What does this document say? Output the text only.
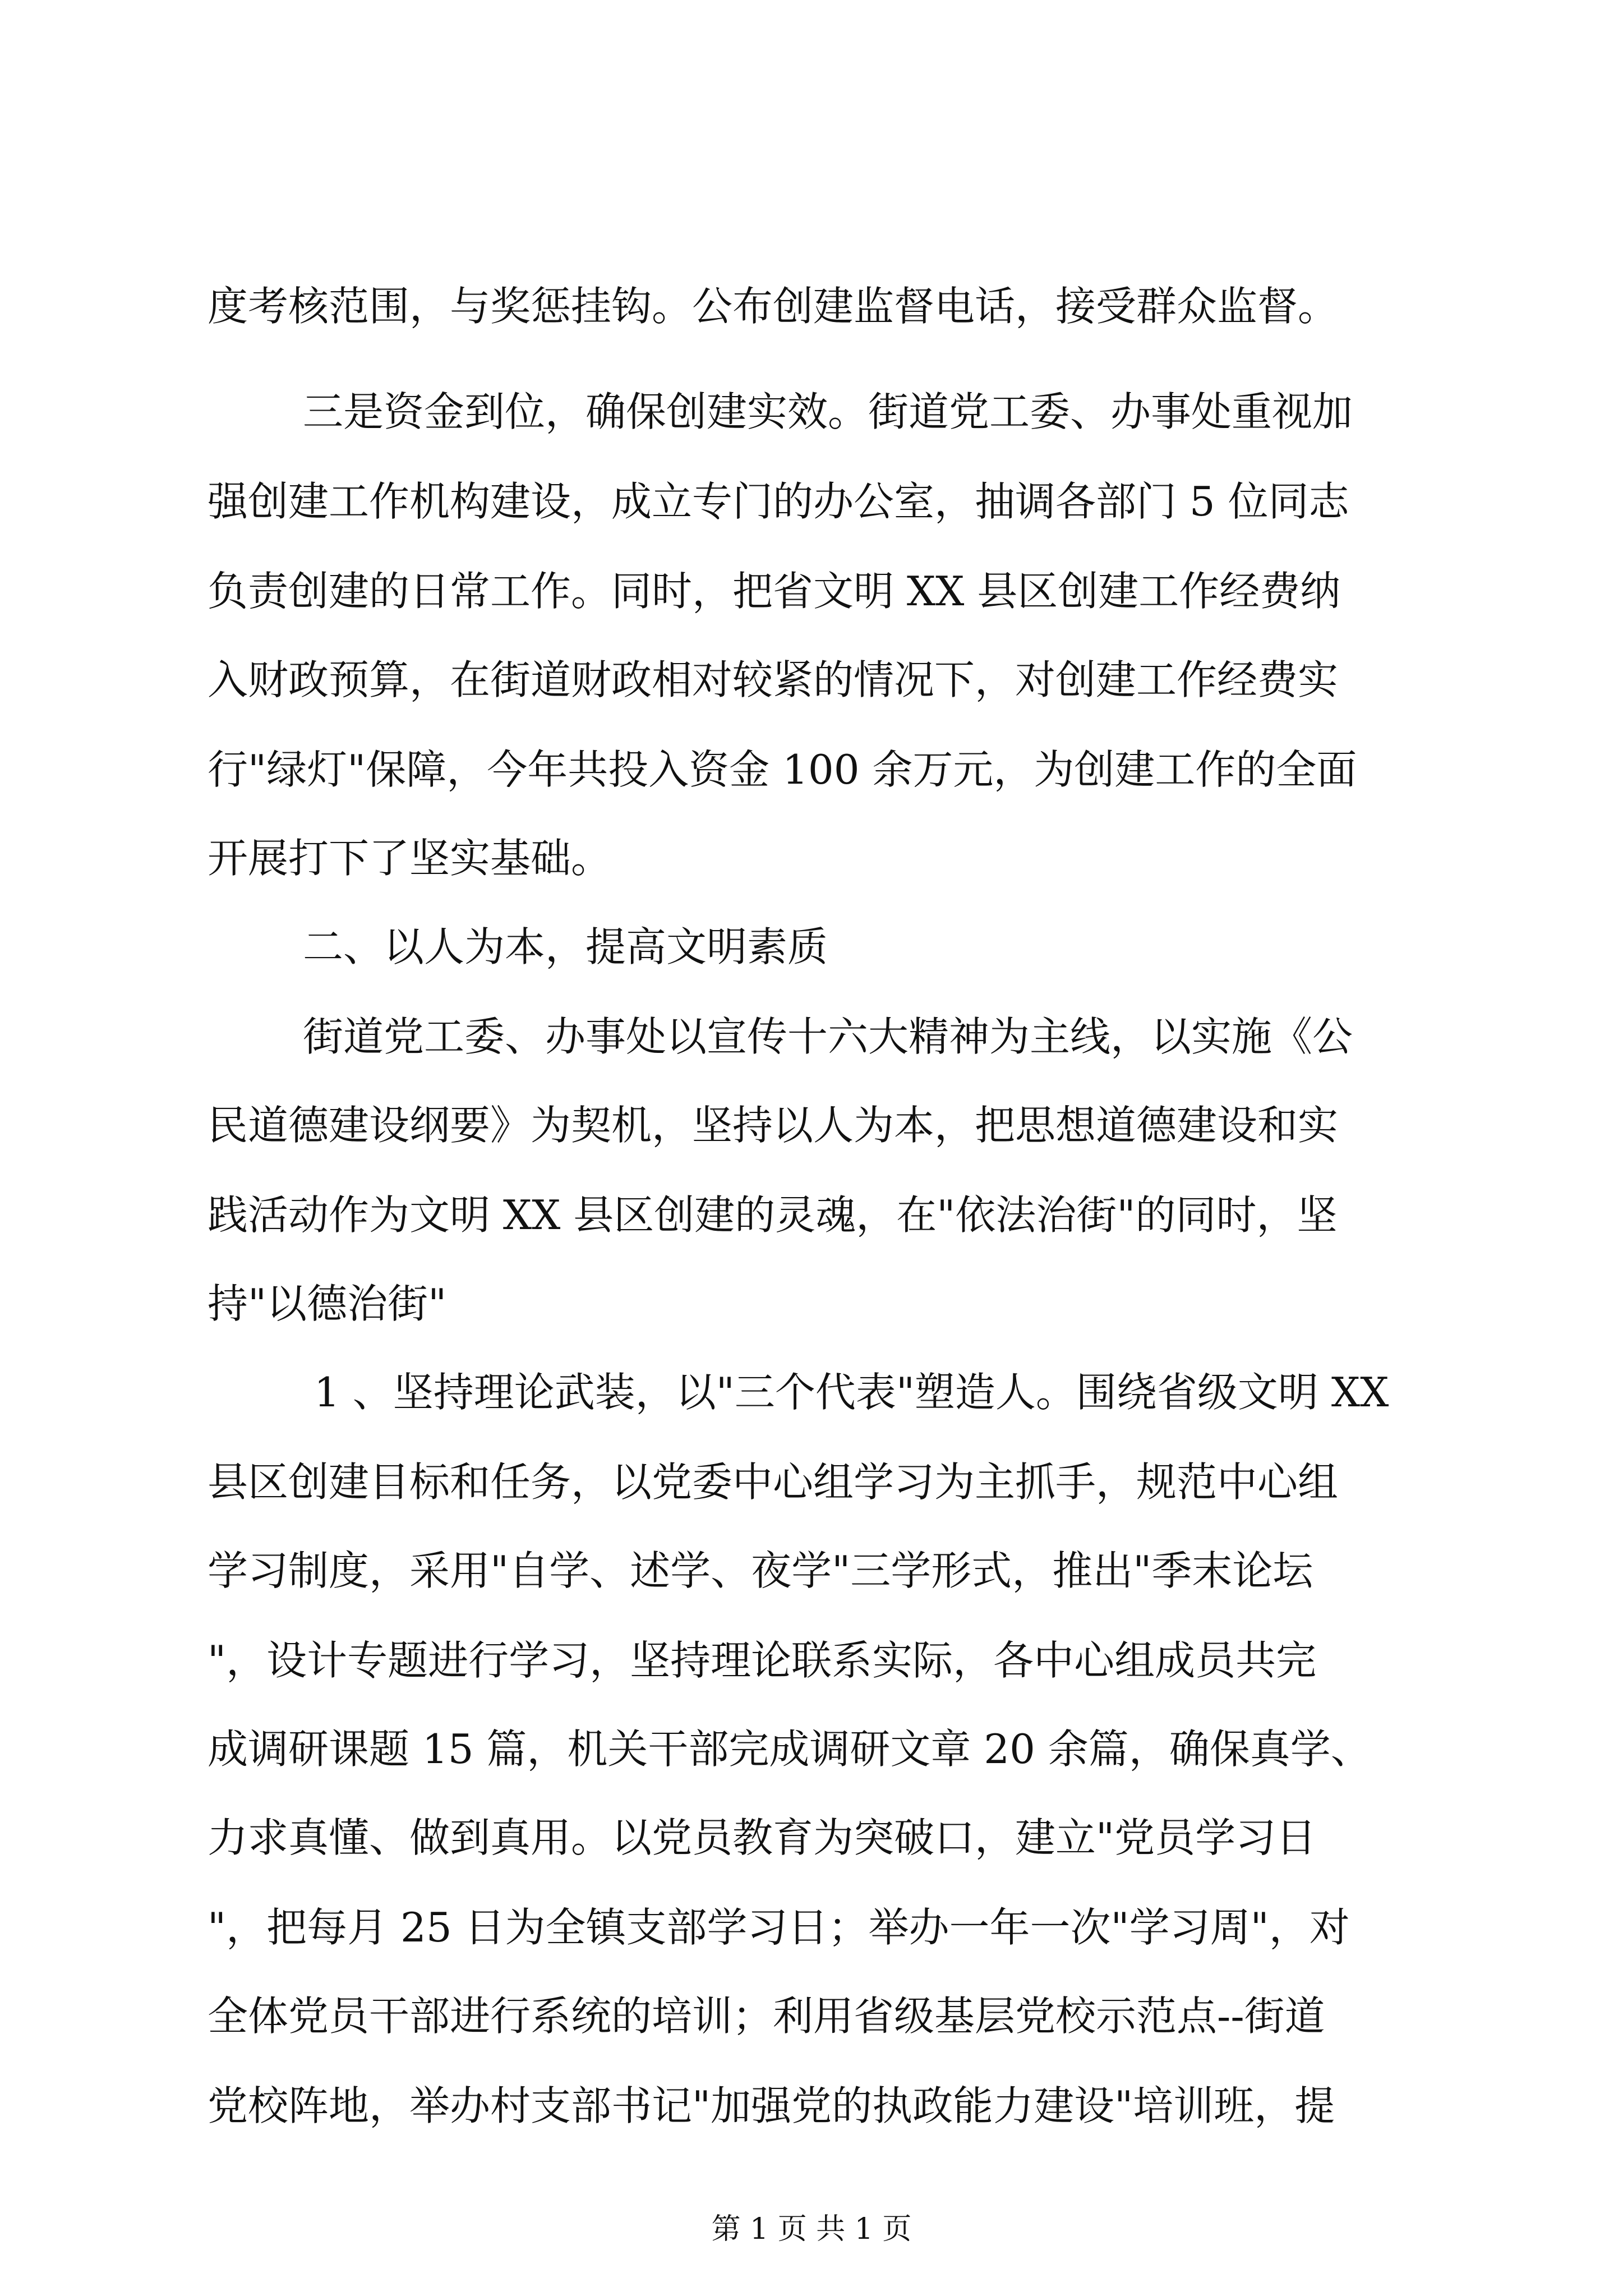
度考核范围，与奖惩挂钩。公布创建监督电话，接受群众监督。
三是资金到位，确保创建实效。街道党工委、办事处重视加
强创建工作机构建设，成立专门的办公室，抽调各部门 5 位同志
负责创建的日常工作。同时，把省文明 XX 县区创建工作经费纳
入财政预算，在街道财政相对较紧的情况下，对创建工作经费实
行"绿灯"保障，今年共投入资金 100 余万元，为创建工作的全面
开展打下了坚实基础。
二、以人为本，提高文明素质
街道党工委、办事处以宣传十六大精神为主线，以实施《公
民道德建设纲要》为契机，坚持以人为本，把思想道德建设和实
践活动作为文明 XX 县区创建的灵魂，在"依法治街"的同时，坚
持"以德治街"
1 、坚持理论武装，以"三个代表"塑造人。围绕省级文明 XX
县区创建目标和任务，以党委中心组学习为主抓手，规范中心组
学习制度，采用"自学、述学、夜学"三学形式，推出"季末论坛
"，设计专题进行学习，坚持理论联系实际，各中心组成员共完
成调研课题 15 篇，机关干部完成调研文章 20 余篇，确保真学、
力求真懂、做到真用。以党员教育为突破口，建立"党员学习日
"，把每月 25 日为全镇支部学习日；举办一年一次"学习周"，对
全体党员干部进行系统的培训；利用省级基层党校示范点--街道
党校阵地，举办村支部书记"加强党的执政能力建设"培训班，提
第 1 页 共 1 页
